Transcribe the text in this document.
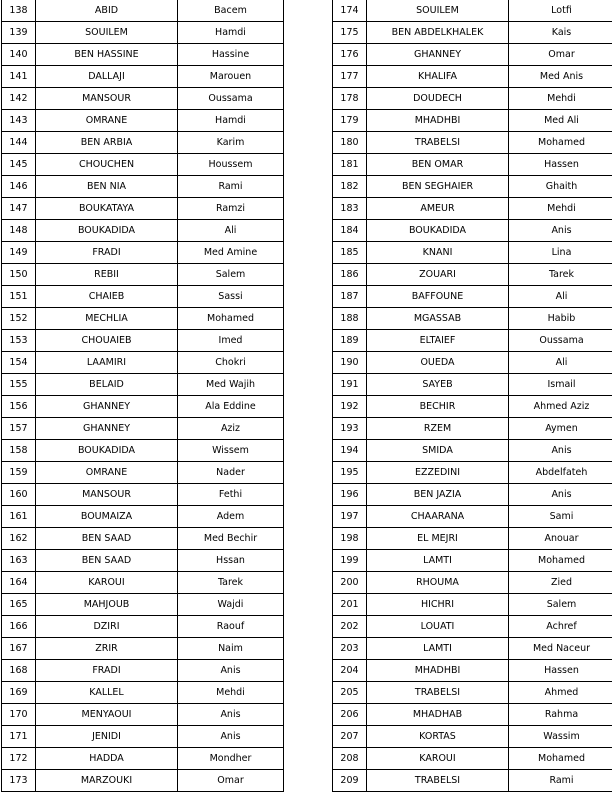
138	ABID	Bacem
139	SOUILEM	Hamdi
140	BEN HASSINE	Hassine
141	DALLAJI	Marouen
142	MANSOUR	Oussama
143	OMRANE	Hamdi
144	BEN ARBIA	Karim
145	CHOUCHEN	Houssem
146	BEN NIA	Rami
147	BOUKATAYA	Ramzi
148	BOUKADIDA	Ali
149	FRADI	Med Amine
150	REBII	Salem
151	CHAIEB	Sassi
152	MECHLIA	Mohamed
153	CHOUAIEB	Imed
154	LAAMIRI	Chokri
155	BELAID	Med Wajih
156	GHANNEY	Ala Eddine
157	GHANNEY	Aziz
158	BOUKADIDA	Wissem
159	OMRANE	Nader
160	MANSOUR	Fethi
161	BOUMAIZA	Adem
162	BEN SAAD	Med Bechir
163	BEN SAAD	Hssan
164	KAROUI	Tarek
165	MAHJOUB	Wajdi
166	DZIRI	Raouf
167	ZRIR	Naim
168	FRADI	Anis
169	KALLEL	Mehdi
170	MENYAOUI	Anis
171	JENIDI	Anis
172	HADDA	Mondher
173	MARZOUKI	Omar
174	SOUILEM	Lotfi
175	BEN ABDELKHALEK	Kais
176	GHANNEY	Omar
177	KHALIFA	Med Anis
178	DOUDECH	Mehdi
179	MHADHBI	Med Ali
180	TRABELSI	Mohamed
181	BEN OMAR	Hassen
182	BEN SEGHAIER	Ghaith
183	AMEUR	Mehdi
184	BOUKADIDA	Anis
185	KNANI	Lina
186	ZOUARI	Tarek
187	BAFFOUNE	Ali
188	MGASSAB	Habib
189	ELTAIEF	Oussama
190	OUEDA	Ali
191	SAYEB	Ismail
192	BECHIR	Ahmed Aziz
193	RZEM	Aymen
194	SMIDA	Anis
195	EZZEDINI	Abdelfateh
196	BEN JAZIA	Anis
197	CHAARANA	Sami
198	EL MEJRI	Anouar
199	LAMTI	Mohamed
200	RHOUMA	Zied
201	HICHRI	Salem
202	LOUATI	Achref
203	LAMTI	Med Naceur
204	MHADHBI	Hassen
205	TRABELSI	Ahmed
206	MHADHAB	Rahma
207	KORTAS	Wassim
208	KAROUI	Mohamed
209	TRABELSI	Rami
